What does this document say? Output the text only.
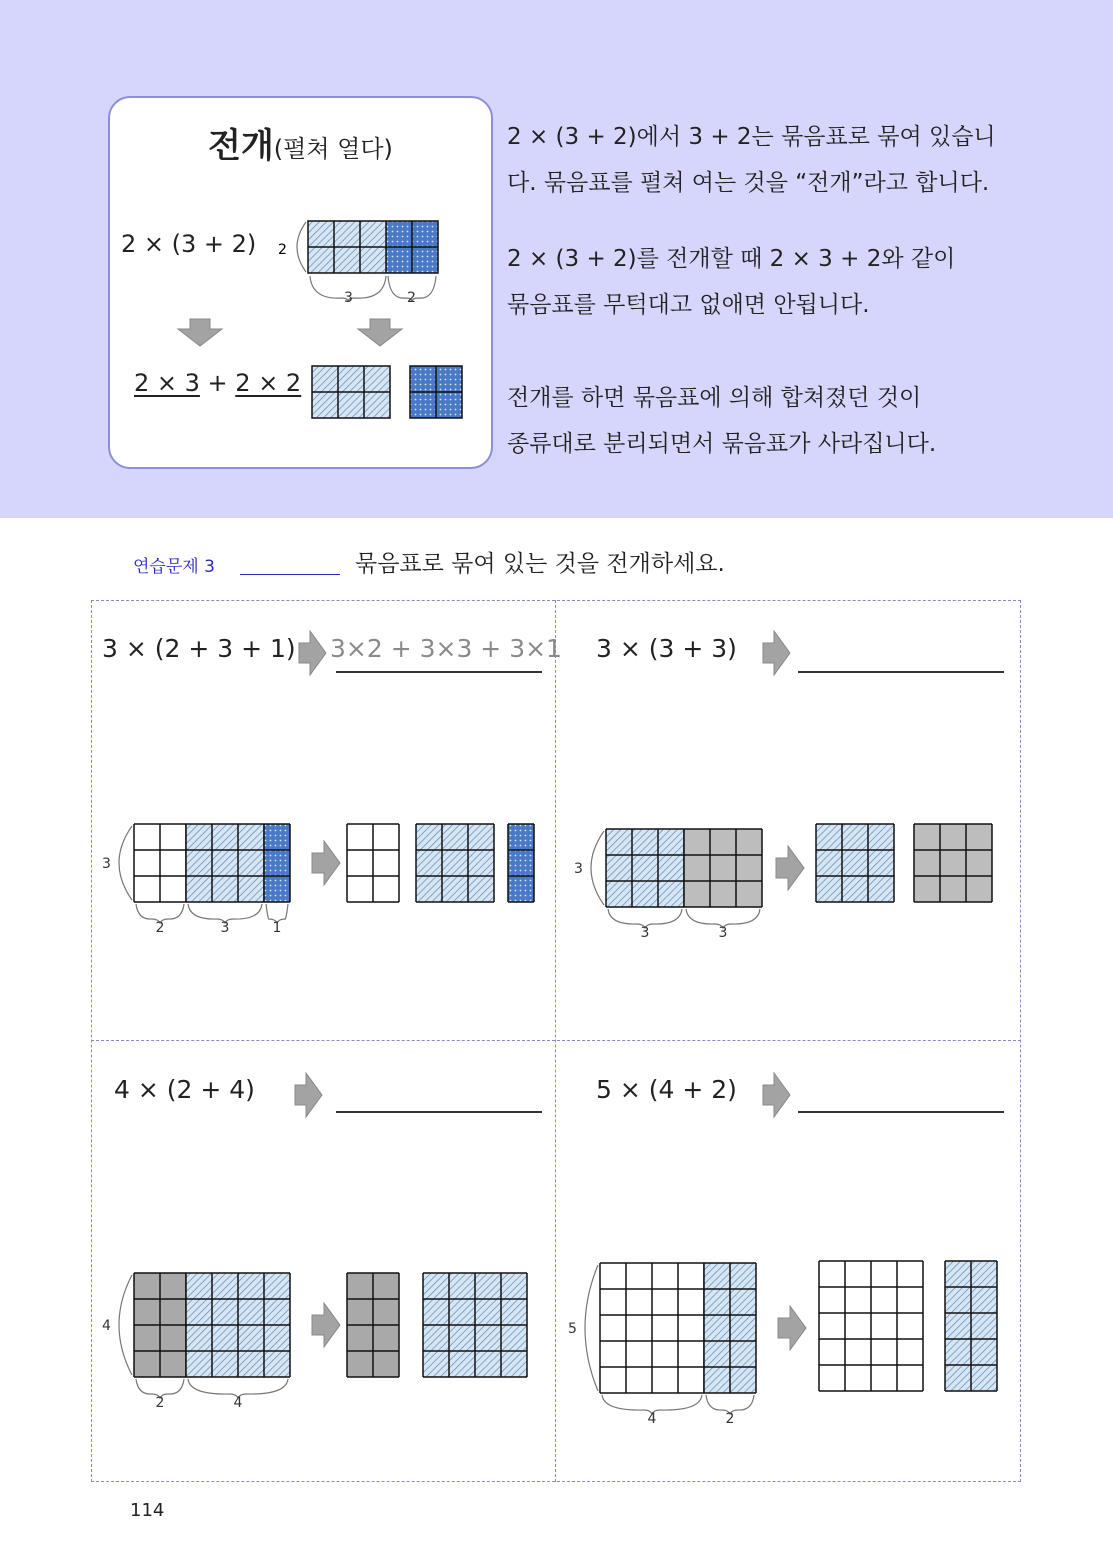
전개(펼쳐 열다)
2 × (3 + 2) 2
3	2
2 × 3 + 2 × 2
2 × (3 + 2)에서 3 + 2는 묶음표로 묶여 있습니
다. 묶음표를 펼쳐 여는 것을 “전개”라고 합니다.
2 × (3 + 2)를 전개할 때 2 × 3 + 2와 같이
묶음표를 무턱대고 없애면 안됩니다.
전개를 하면 묶음표에 의해 합쳐졌던 것이
종류대로 분리되면서 묶음표가 사라집니다.
연습문제 3	묶음표로 묶여 있는 것을 전개하세요.
3 × (2 + 3 + 1) 3×2 + 3×3 + 3×1
2	3	1
3
3 × (3 + 3)
3	3
3
4 × (2 + 4)
2	4
4
5 × (4 + 2)
4	2
5
114
